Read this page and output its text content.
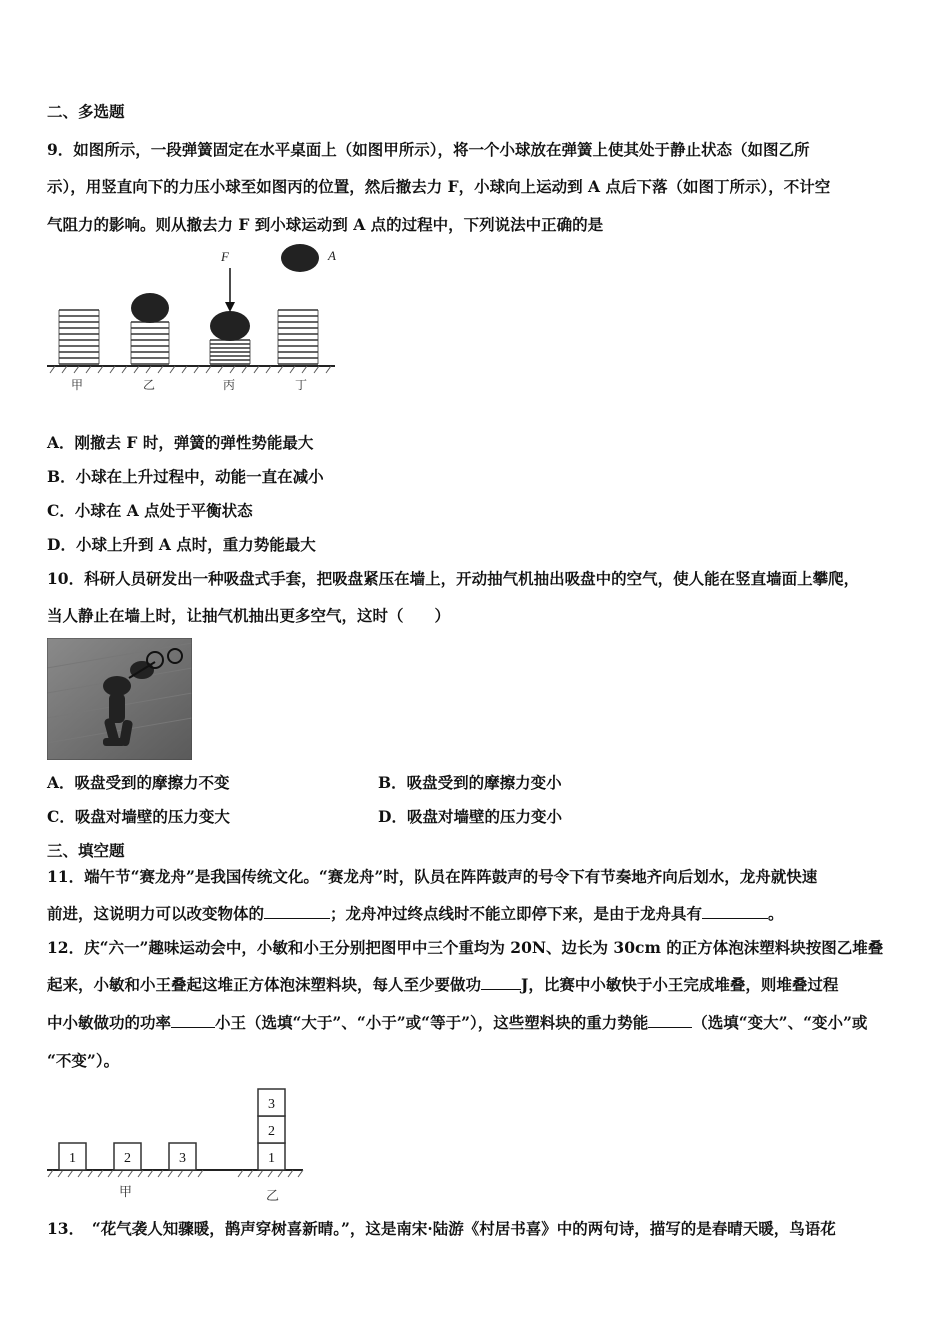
二、多选题
9．如图所示，一段弹簧固定在水平桌面上（如图甲所示），将一个小球放在弹簧上使其处于静止状态（如图乙所
示），用竖直向下的力压小球至如图丙的位置，然后撤去力 F，小球向上运动到 A 点后下落（如图丁所示），不计空
气阻力的影响。则从撤去力 F 到小球运动到 A 点的过程中，下列说法中正确的是
F	A
甲	乙	丙	丁
A．刚撤去 F 时，弹簧的弹性势能最大
B．小球在上升过程中，动能一直在减小
C．小球在 A 点处于平衡状态
D．小球上升到 A 点时，重力势能最大
10．科研人员研发出一种吸盘式手套，把吸盘紧压在墙上，开动抽气机抽出吸盘中的空气，使人能在竖直墙面上攀爬，
当人静止在墙上时，让抽气机抽出更多空气，这时（　　）
A．吸盘受到的摩擦力不变	B．吸盘受到的摩擦力变小
C．吸盘对墙壁的压力变大	D．吸盘对墙壁的压力变小
三、填空题
11．端午节“赛龙舟”是我国传统文化。“赛龙舟”时，队员在阵阵鼓声的号令下有节奏地齐向后划水，龙舟就快速
前进，这说明力可以改变物体的	；龙舟冲过终点线时不能立即停下来，是由于龙舟具有	。
12．庆“六一”趣味运动会中，小敏和小王分别把图甲中三个重均为 20N、边长为 30cm 的正方体泡沫塑料块按图乙堆叠
起来，小敏和小王叠起这堆正方体泡沫塑料块，每人至少要做功	J，比赛中小敏快于小王完成堆叠，则堆叠过程
中小敏做功的功率	小王（选填“大于”、“小于”或“等于”），这些塑料块的重力势能	（选填“变大”、“变小”或
“不变”）。
1	2	3
3
2
1
甲	乙
13．　“花气袭人知骤暖，鹊声穿树喜新晴。”，这是南宋·陆游《村居书喜》中的两句诗，描写的是春晴天暖，鸟语花
